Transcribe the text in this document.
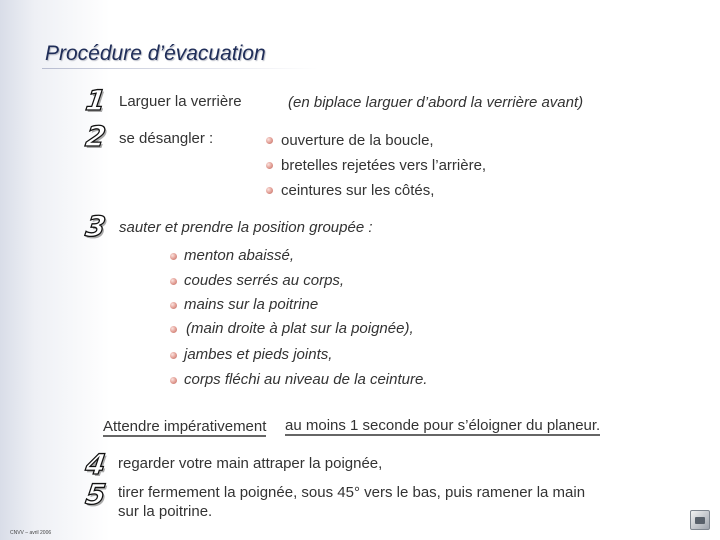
Procédure d’évacuation
1
2
3
4
5
Larguer la verrière	(en biplace larguer d’abord la verrière avant)
se désangler :	ouverture de la boucle,
bretelles rejetées vers l’arrière,
ceintures sur les côtés,
sauter et prendre la position groupée :
menton abaissé,
coudes serrés au corps,
mains sur la poitrine
(main droite à plat sur la poignée),
jambes et pieds joints,
corps fléchi au niveau de la ceinture.
Attendre impérativement au moins 1 seconde pour s’éloigner du planeur.
regarder votre main attraper la poignée,
tirer fermement la poignée, sous 45° vers le bas, puis ramener la main
sur la poitrine.
CNVV – avril 2006
